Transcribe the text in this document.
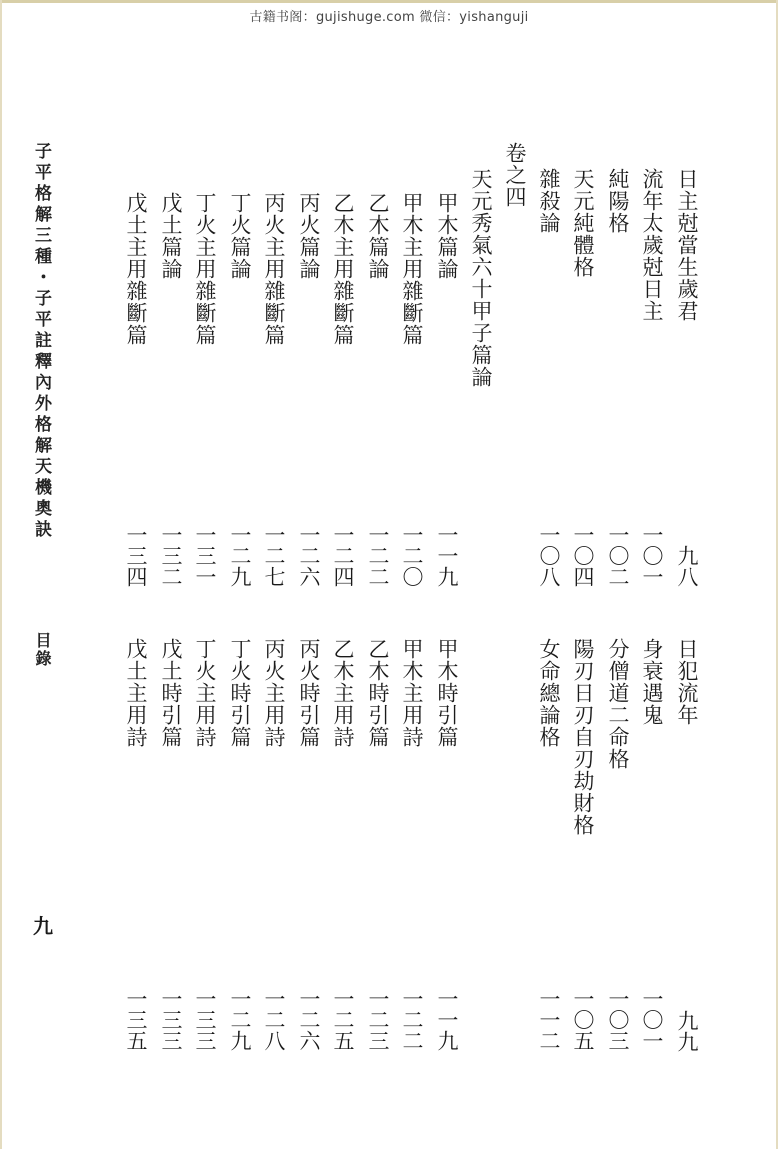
古籍书阁：gujishuge.com 微信：yishanguji
子平格解三種・子平註釋內外格解天機奧訣
目錄
九
日主尅當生歲君
流年太歲尅日主
純陽格
天元純體格
雜殺論
卷之四
天元秀氣六十甲子篇論
甲木篇論
甲木主用雜斷篇
乙木篇論
乙木主用雜斷篇
丙火篇論
丙火主用雜斷篇
丁火篇論
丁火主用雜斷篇
戊土篇論
戊土主用雜斷篇
九八
一〇一
一〇二
一〇四
一〇八
一一九
一二〇
一二二
一二四
一二六
一二七
一二九
一三一
一三二
一三四
日犯流年
身衰遇鬼
分僧道二命格
陽刃日刃自刃劫財格
女命總論格
甲木時引篇
甲木主用詩
乙木時引篇
乙木主用詩
丙火時引篇
丙火主用詩
丁火時引篇
丁火主用詩
戊土時引篇
戊土主用詩
九九
一〇一
一〇三
一〇五
一一二
一一九
一二二
一二三
一二五
一二六
一二八
一二九
一三三
一三三
一三五
